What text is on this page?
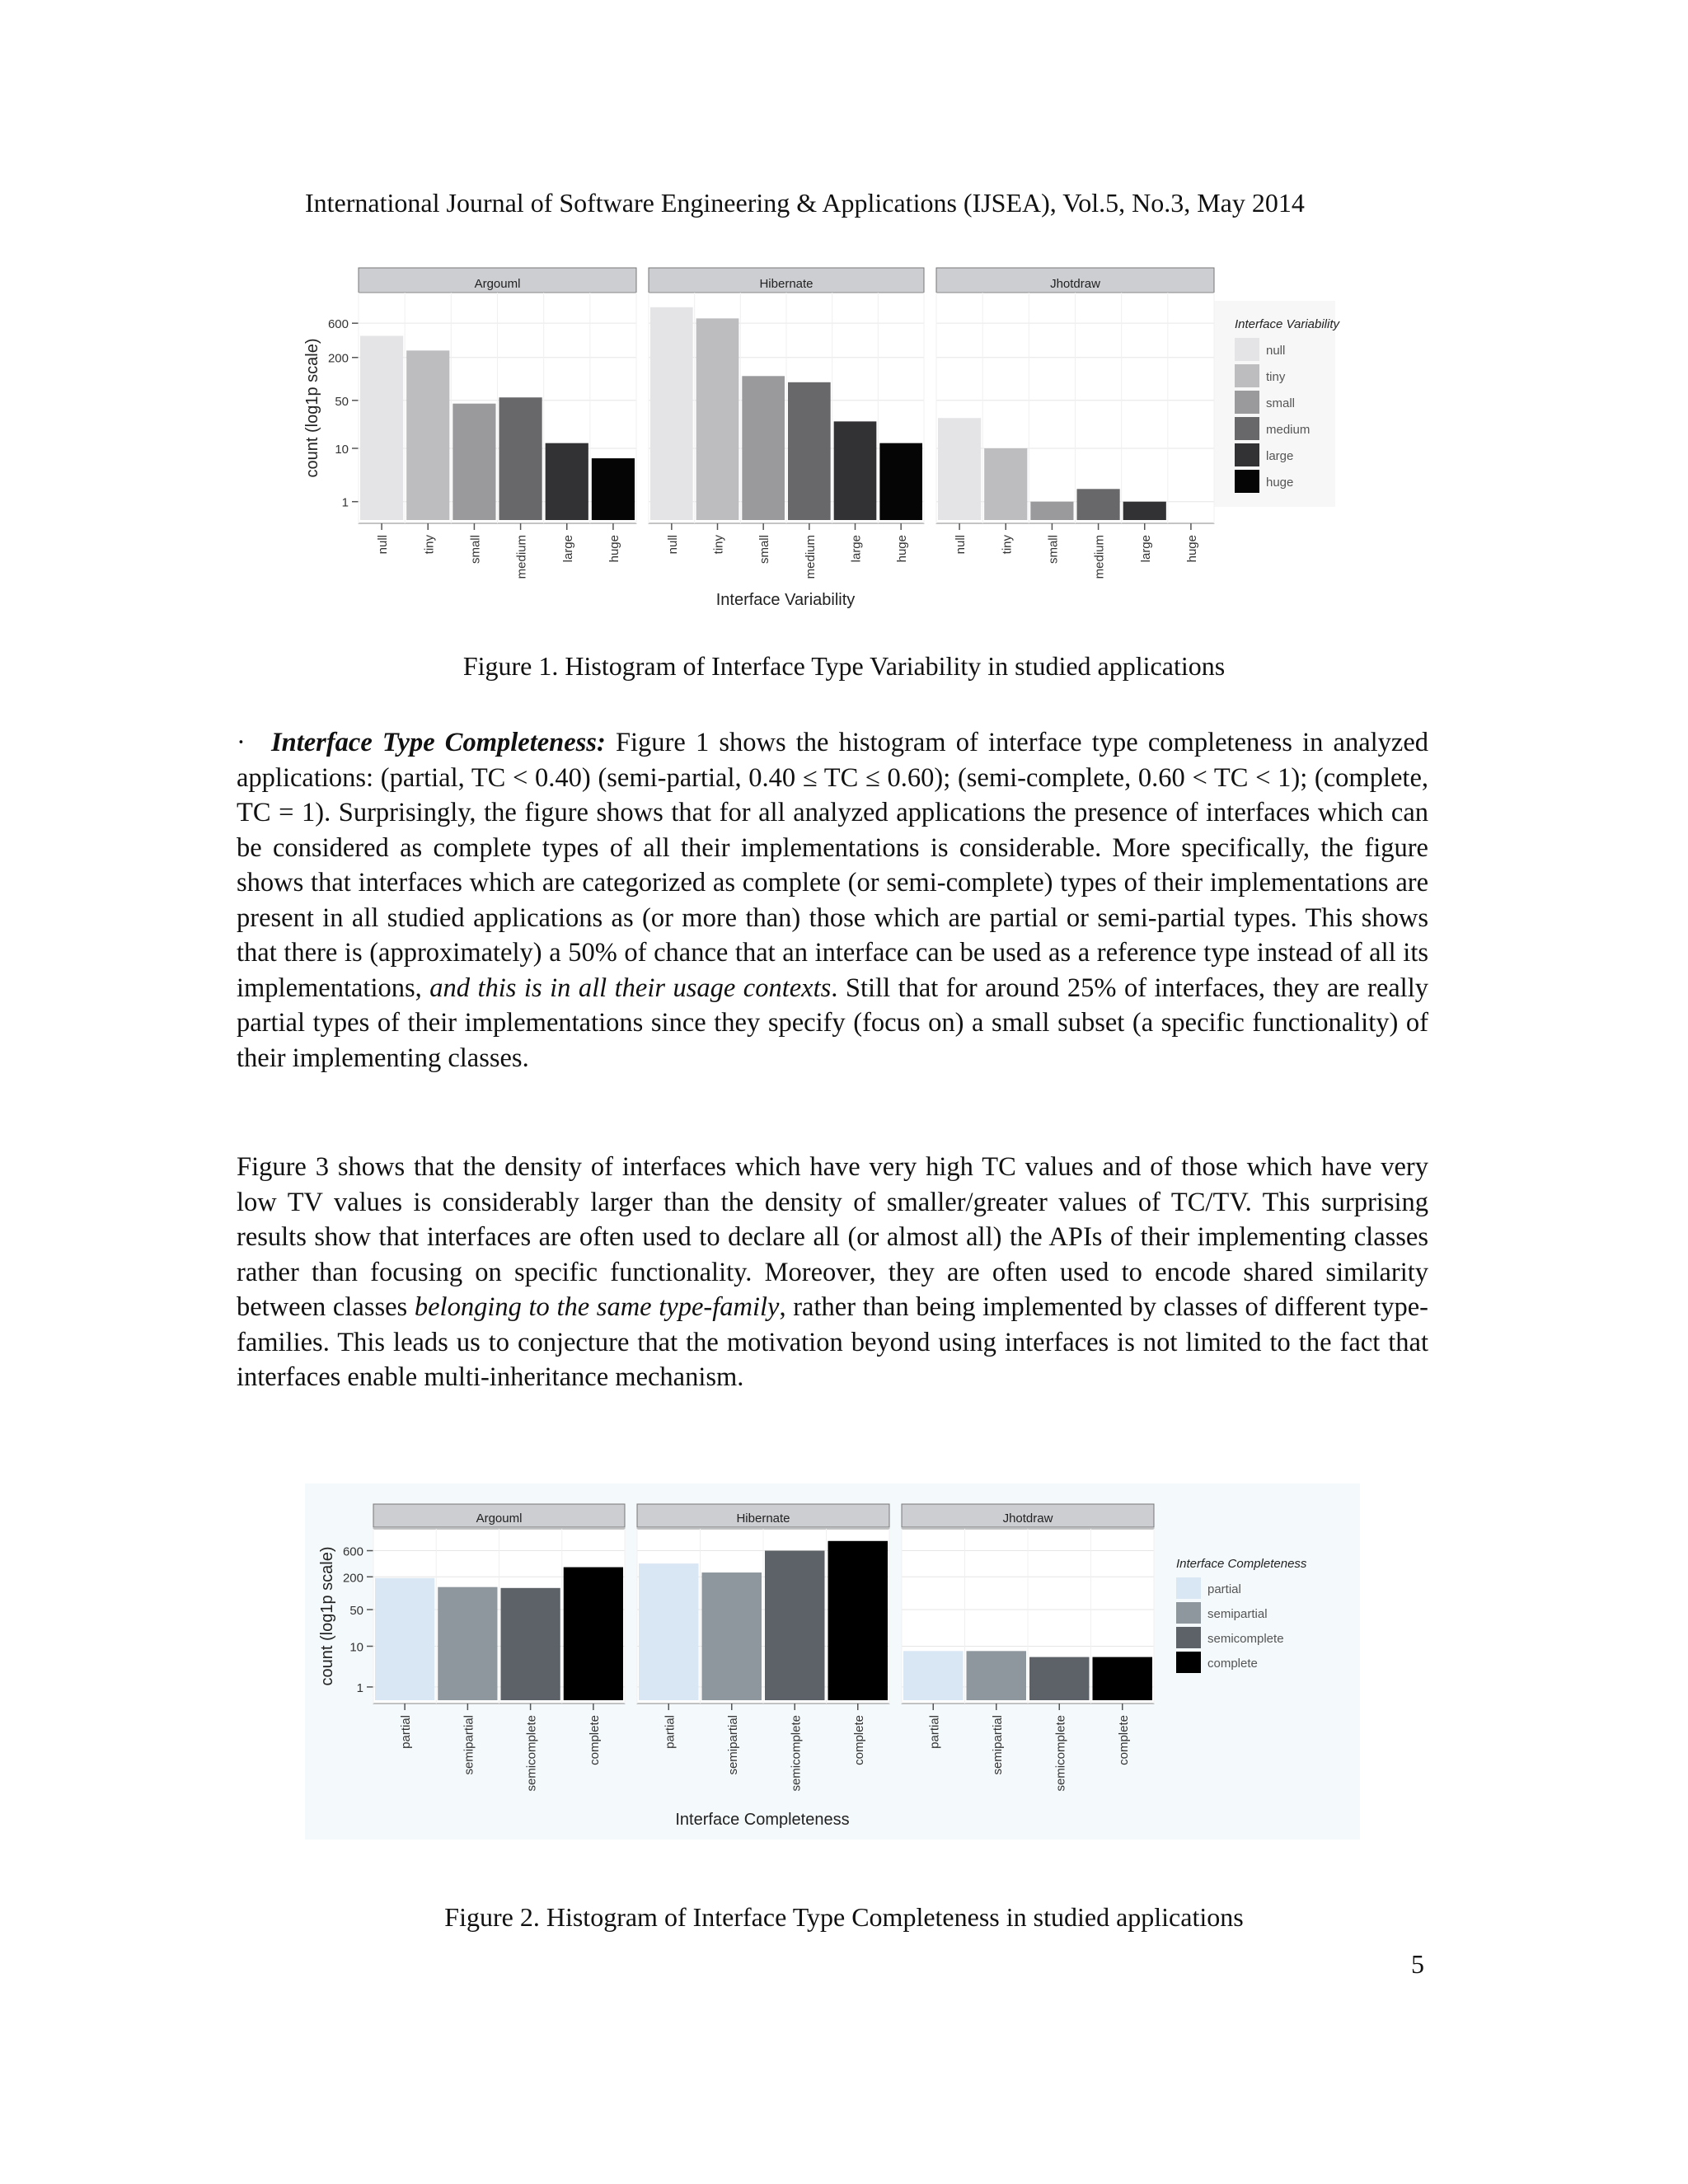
International Journal of Software Engineering & Applications (IJSEA), Vol.5, No.3, May 2014
1
10
50
200
600
count (log1p scale)
Argouml
null	tiny	small	medium	large	huge
Hibernate
null	tiny	small	medium	large	huge
Jhotdraw
null	tiny	small	medium	large	huge
Interface Variability
Interface Variability
null
tiny
small
medium
large
huge
Figure 1. Histogram of Interface Type Variability in studied applications
· Interface Type Completeness: Figure 1 shows the histogram of interface type completeness in analyzed applications: (partial, TC < 0.40) (semi-partial, 0.40 ≤ TC ≤ 0.60); (semi-complete, 0.60 < TC < 1); (complete, TC = 1). Surprisingly, the figure shows that for all analyzed applications the presence of interfaces which can be considered as complete types of all their implementations is considerable. More specifically, the figure shows that interfaces which are categorized as complete (or semi-complete) types of their implementations are present in all studied applications as (or more than) those which are partial or semi-partial types. This shows that there is (approximately) a 50% of chance that an interface can be used as a reference type instead of all its implementations, and this is in all their usage contexts. Still that for around 25% of interfaces, they are really partial types of their implementations since they specify (focus on) a small subset (a specific functionality) of their implementing classes.
Figure 3 shows that the density of interfaces which have very high TC values and of those which have very low TV values is considerably larger than the density of smaller/greater values of TC/TV. This surprising results show that interfaces are often used to declare all (or almost all) the APIs of their implementing classes rather than focusing on specific functionality. Moreover, they are often used to encode shared similarity between classes belonging to the same type-family, rather than being implemented by classes of different type-families. This leads us to conjecture that the motivation beyond using interfaces is not limited to the fact that interfaces enable multi-inheritance mechanism.
1
10
50
200
600
count (log1p scale)
Argouml
partial	semipartial	semicomplete	complete
Hibernate
partial	semipartial	semicomplete	complete
Jhotdraw
partial	semipartial	semicomplete	complete
Interface Completeness
Interface Completeness
partial
semipartial
semicomplete
complete
Figure 2. Histogram of Interface Type Completeness in studied applications
5
